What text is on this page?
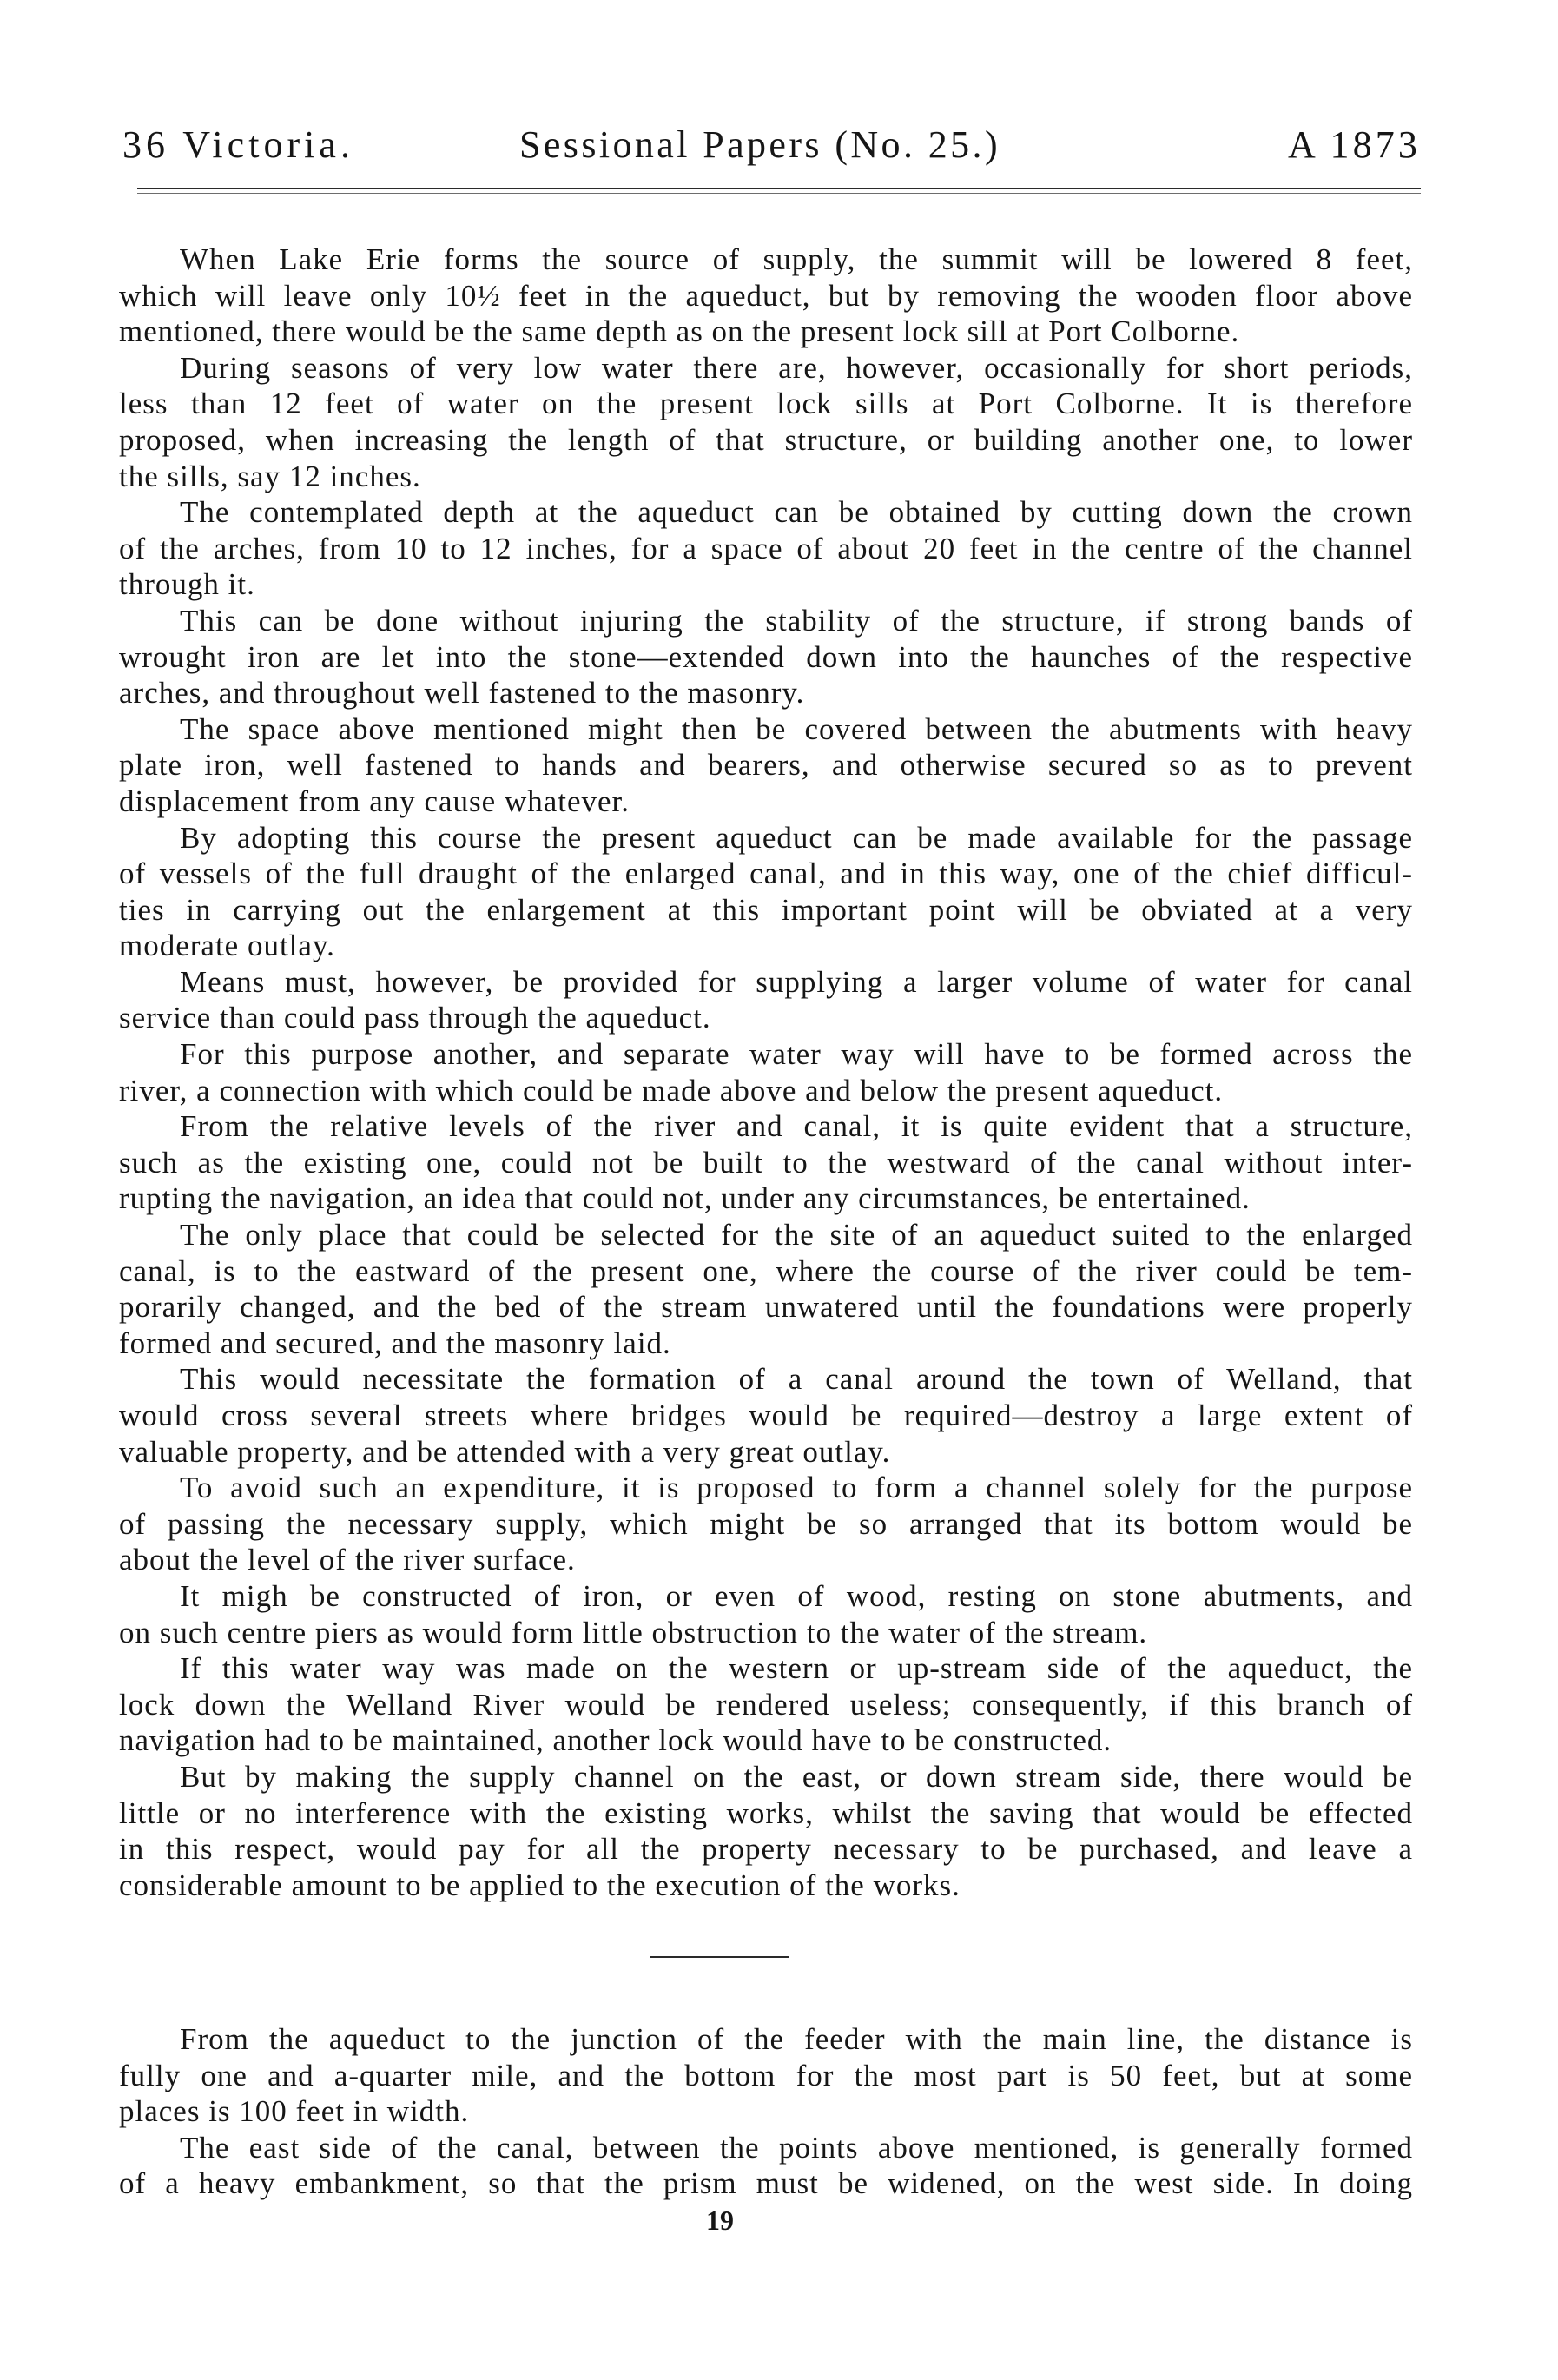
36 Victoria.	Sessional Papers (No. 25.)	A 1873
When Lake Erie forms the source of supply, the summit will be lowered 8 feet,
which will leave only 10½ feet in the aqueduct, but by removing the wooden floor above
mentioned, there would be the same depth as on the present lock sill at Port Colborne.
During seasons of very low water there are, however, occasionally for short periods,
less than 12 feet of water on the present lock sills at Port Colborne. It is therefore
proposed, when increasing the length of that structure, or building another one, to lower
the sills, say 12 inches.
The contemplated depth at the aqueduct can be obtained by cutting down the crown
of the arches, from 10 to 12 inches, for a space of about 20 feet in the centre of the channel
through it.
This can be done without injuring the stability of the structure, if strong bands of
wrought iron are let into the stone—extended down into the haunches of the respective
arches, and throughout well fastened to the masonry.
The space above mentioned might then be covered between the abutments with heavy
plate iron, well fastened to hands and bearers, and otherwise secured so as to prevent
displacement from any cause whatever.
By adopting this course the present aqueduct can be made available for the passage
of vessels of the full draught of the enlarged canal, and in this way, one of the chief difficul-
ties in carrying out the enlargement at this important point will be obviated at a very
moderate outlay.
Means must, however, be provided for supplying a larger volume of water for canal
service than could pass through the aqueduct.
For this purpose another, and separate water way will have to be formed across the
river, a connection with which could be made above and below the present aqueduct.
From the relative levels of the river and canal, it is quite evident that a structure,
such as the existing one, could not be built to the westward of the canal without inter-
rupting the navigation, an idea that could not, under any circumstances, be entertained.
The only place that could be selected for the site of an aqueduct suited to the enlarged
canal, is to the eastward of the present one, where the course of the river could be tem-
porarily changed, and the bed of the stream unwatered until the foundations were properly
formed and secured, and the masonry laid.
This would necessitate the formation of a canal around the town of Welland, that
would cross several streets where bridges would be required—destroy a large extent of
valuable property, and be attended with a very great outlay.
To avoid such an expenditure, it is proposed to form a channel solely for the purpose
of passing the necessary supply, which might be so arranged that its bottom would be
about the level of the river surface.
It migh be constructed of iron, or even of wood, resting on stone abutments, and
on such centre piers as would form little obstruction to the water of the stream.
If this water way was made on the western or up-stream side of the aqueduct, the
lock down the Welland River would be rendered useless; consequently, if this branch of
navigation had to be maintained, another lock would have to be constructed.
But by making the supply channel on the east, or down stream side, there would be
little or no interference with the existing works, whilst the saving that would be effected
in this respect, would pay for all the property necessary to be purchased, and leave a
considerable amount to be applied to the execution of the works.
From the aqueduct to the junction of the feeder with the main line, the distance is
fully one and a-quarter mile, and the bottom for the most part is 50 feet, but at some
places is 100 feet in width.
The east side of the canal, between the points above mentioned, is generally formed
of a heavy embankment, so that the prism must be widened, on the west side. In doing
19
